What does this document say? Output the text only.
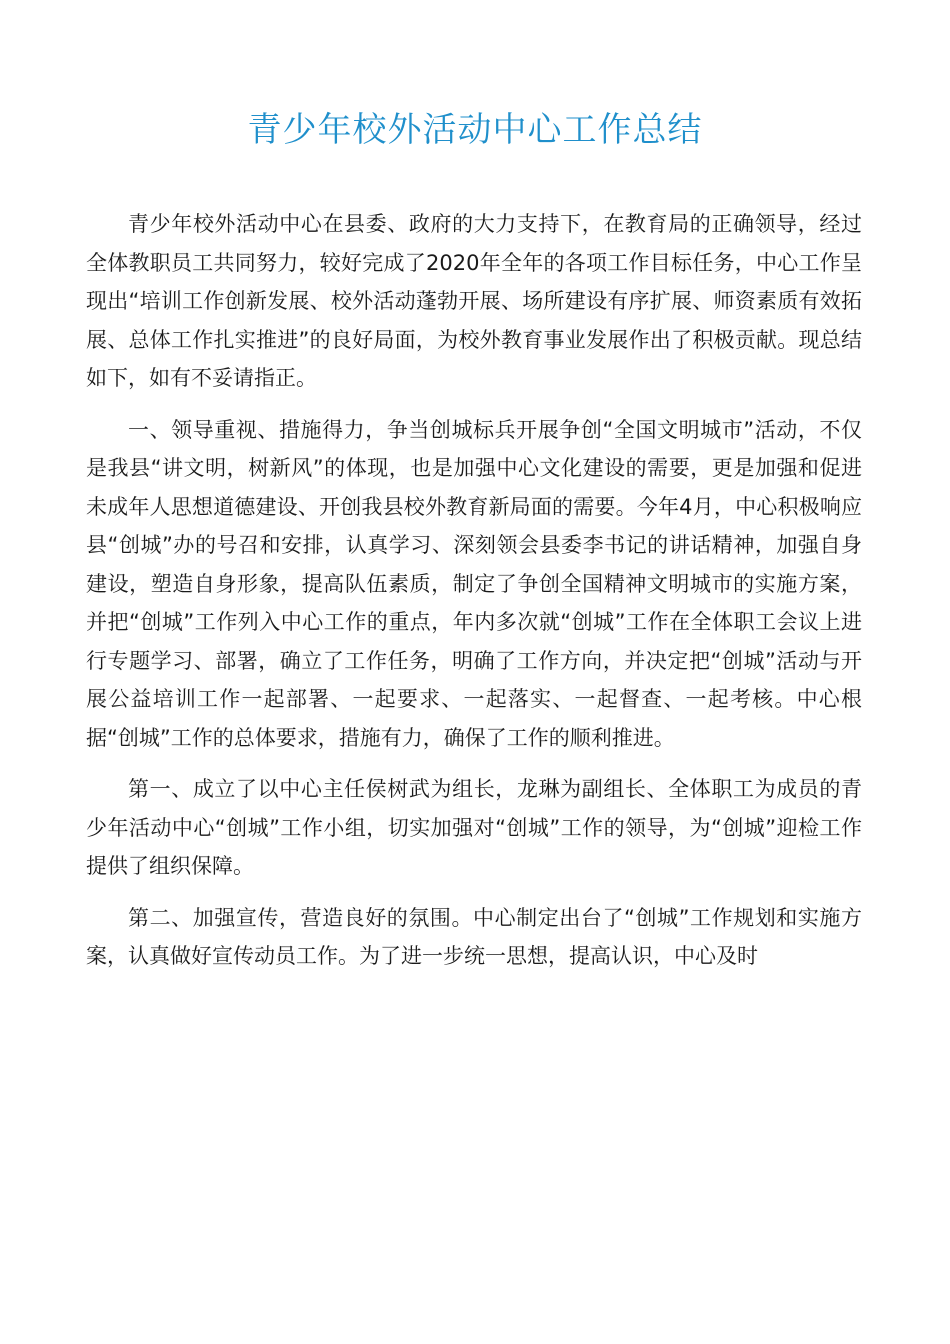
青少年校外活动中心工作总结

青少年校外活动中心在县委、政府的大力支持下，在教育局的正确领导，经过全体教职员工共同努力，较好完成了2020年全年的各项工作目标任务，中心工作呈现出“培训工作创新发展、校外活动蓬勃开展、场所建设有序扩展、师资素质有效拓展、总体工作扎实推进”的良好局面，为校外教育事业发展作出了积极贡献。现总结如下，如有不妥请指正。

一、领导重视、措施得力，争当创城标兵开展争创“全国文明城市”活动，不仅是我县“讲文明，树新风”的体现，也是加强中心文化建设的需要，更是加强和促进未成年人思想道德建设、开创我县校外教育新局面的需要。今年4月，中心积极响应县“创城”办的号召和安排，认真学习、深刻领会县委李书记的讲话精神，加强自身建设，塑造自身形象，提高队伍素质，制定了争创全国精神文明城市的实施方案，并把“创城”工作列入中心工作的重点，年内多次就“创城”工作在全体职工会议上进行专题学习、部署，确立了工作任务，明确了工作方向，并决定把“创城”活动与开展公益培训工作一起部署、一起要求、一起落实、一起督查、一起考核。中心根据“创城”工作的总体要求，措施有力，确保了工作的顺利推进。

第一、成立了以中心主任侯树武为组长，龙琳为副组长、全体职工为成员的青少年活动中心“创城”工作小组，切实加强对“创城”工作的领导，为“创城”迎检工作提供了组织保障。

第二、加强宣传，营造良好的氛围。中心制定出台了“创城”工作规划和实施方案，认真做好宣传动员工作。为了进一步统一思想，提高认识，中心及时
